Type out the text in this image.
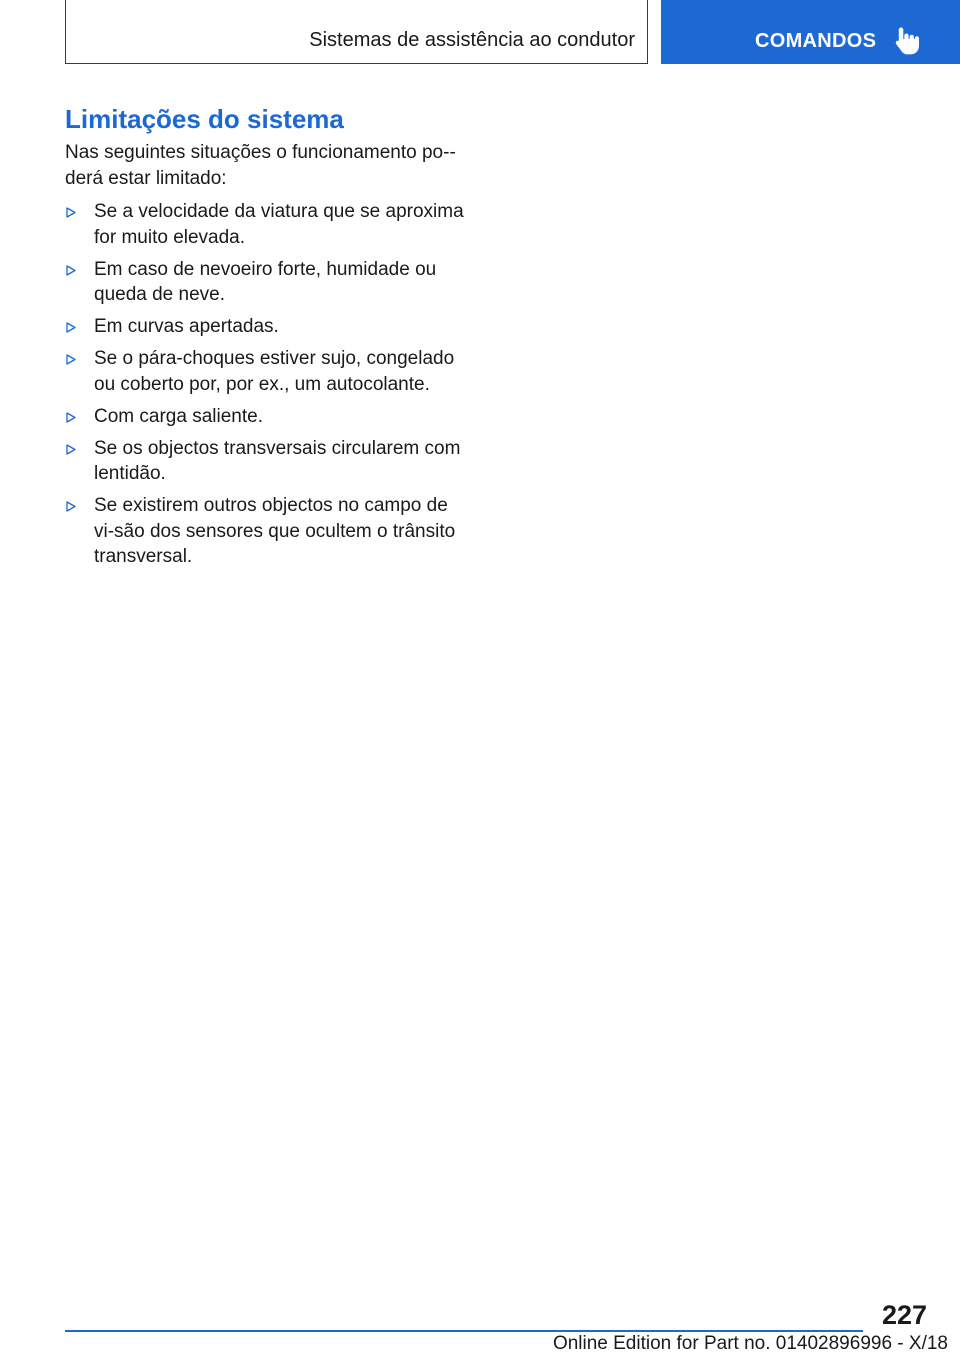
Sistemas de assistência ao condutor	COMANDOS
Limitações do sistema

Nas seguintes situações o funcionamento po-derá estar limitado:

Se a velocidade da viatura que se aproxima for muito elevada.
Em caso de nevoeiro forte, humidade ou queda de neve.
Em curvas apertadas.
Se o pára-choques estiver sujo, congelado ou coberto por, por ex., um autocolante.
Com carga saliente.
Se os objectos transversais circularem com lentidão.
Se existirem outros objectos no campo de vi-são dos sensores que ocultem o trânsito transversal.
227
Online Edition for Part no. 01402896996 - X/18
